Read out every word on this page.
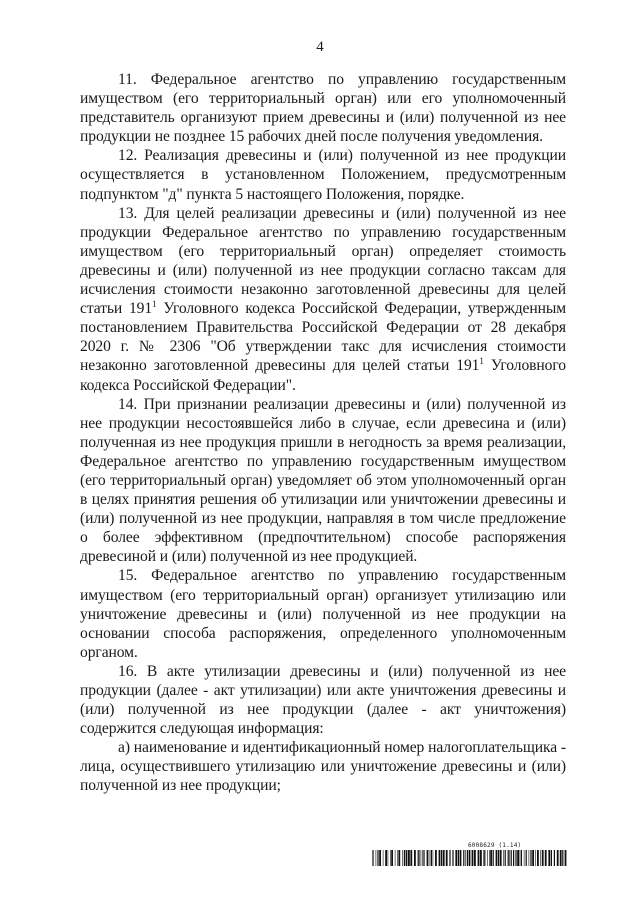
4

11. Федеральное агентство по управлению государственным имуществом (его территориальный орган) или его уполномоченный представитель организуют прием древесины и (или) полученной из нее продукции не позднее 15 рабочих дней после получения уведомления.

12. Реализация древесины и (или) полученной из нее продукции осуществляется в установленном Положением, предусмотренным подпунктом "д" пункта 5 настоящего Положения, порядке.

13. Для целей реализации древесины и (или) полученной из нее продукции Федеральное агентство по управлению государственным имуществом (его территориальный орган) определяет стоимость древесины и (или) полученной из нее продукции согласно таксам для исчисления стоимости незаконно заготовленной древесины для целей статьи $191^1$ Уголовного кодекса Российской Федерации, утвержденным постановлением Правительства Российской Федерации от 28 декабря 2020 г. № 2306 "Об утверждении такс для исчисления стоимости незаконно заготовленной древесины для целей статьи $191^1$ Уголовного кодекса Российской Федерации".

14. При признании реализации древесины и (или) полученной из нее продукции несостоявшейся либо в случае, если древесина и (или) полученная из нее продукция пришли в негодность за время реализации, Федеральное агентство по управлению государственным имуществом (его территориальный орган) уведомляет об этом уполномоченный орган в целях принятия решения об утилизации или уничтожении древесины и (или) полученной из нее продукции, направляя в том числе предложение о более эффективном (предпочтительном) способе распоряжения древесиной и (или) полученной из нее продукцией.

15. Федеральное агентство по управлению государственным имуществом (его территориальный орган) организует утилизацию или уничтожение древесины и (или) полученной из нее продукции на основании способа распоряжения, определенного уполномоченным органом.

16. В акте утилизации древесины и (или) полученной из нее продукции (далее - акт утилизации) или акте уничтожения древесины и (или) полученной из нее продукции (далее - акт уничтожения) содержится следующая информация:

а) наименование и идентификационный номер налогоплательщика - лица, осуществившего утилизацию или уничтожение древесины и (или) полученной из нее продукции;

6008629 (1.14)
